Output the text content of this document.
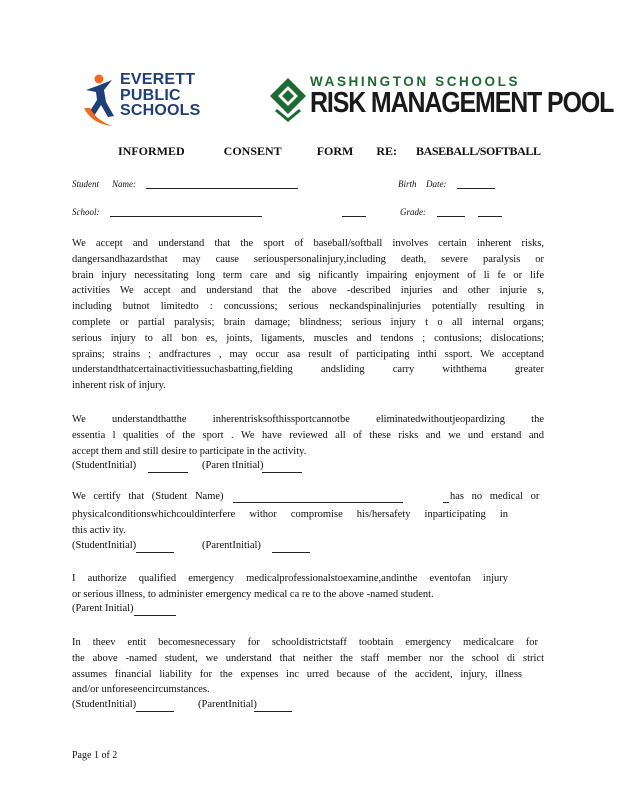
EVERETT
PUBLIC
SCHOOLS
WASHINGTON SCHOOLS
RISK MANAGEMENT POOL
INFORMED	CONSENT	FORM RE: BASEBALL/SOFTBALL
Student Name:	Birth Date:
School:	Grade:
We accept and understand that the sport of baseball/softball involves certain inherent risks,
dangersandhazardsthat may cause seriouspersonalinjury,including death, severe paralysis or
brain injury necessitating long term care and sig nificantly impairing enjoyment of li fe or life
activities We accept and understand that the above -described injuries and other injurie s,
including butnot limitedto : concussions; serious neckandspinalinjuries potentially resulting in
complete or partial paralysis; brain damage; blindness; serious injury t o all internal organs;
serious injury to all bon es, joints, ligaments, muscles and tendons ; contusions; dislocations;
sprains; strains ; andfractures , may occur asa result of participating inthi ssport. We acceptand
understandthatcertainactivitiessuchasbatting,fielding andsliding carry withthema greater
inherent risk of injury.
We understandthatthe inherentrisksofthissportcannotbe eliminatedwithoutjeopardizing the
essentia l qualities of the sport . We have reviewed all of these risks and we und erstand and
accept them and still desire to participate in the activity.
(StudentInitial)	(Paren tInitial)
We certify that (Student Name)	has no medical or
physicalconditionswhichcouldinterfere withor compromise his/hersafety inparticipating in
this activ ity.
(StudentInitial)	(ParentInitial)
I authorize qualified emergency medicalprofessionalstoexamine,andinthe eventofan injury
or serious illness, to administer emergency medical ca re to the above -named student.
(Parent Initial)
In theev entit becomesnecessary for schooldistrictstaff toobtain emergency medicalcare for
the above -named student, we understand that neither the staff member nor the school di strict
assumes financial liability for the expenses inc urred because of the accident, injury, illness
and/or unforeseencircumstances.
(StudentInitial)	(ParentInitial)
Page 1 of 2
